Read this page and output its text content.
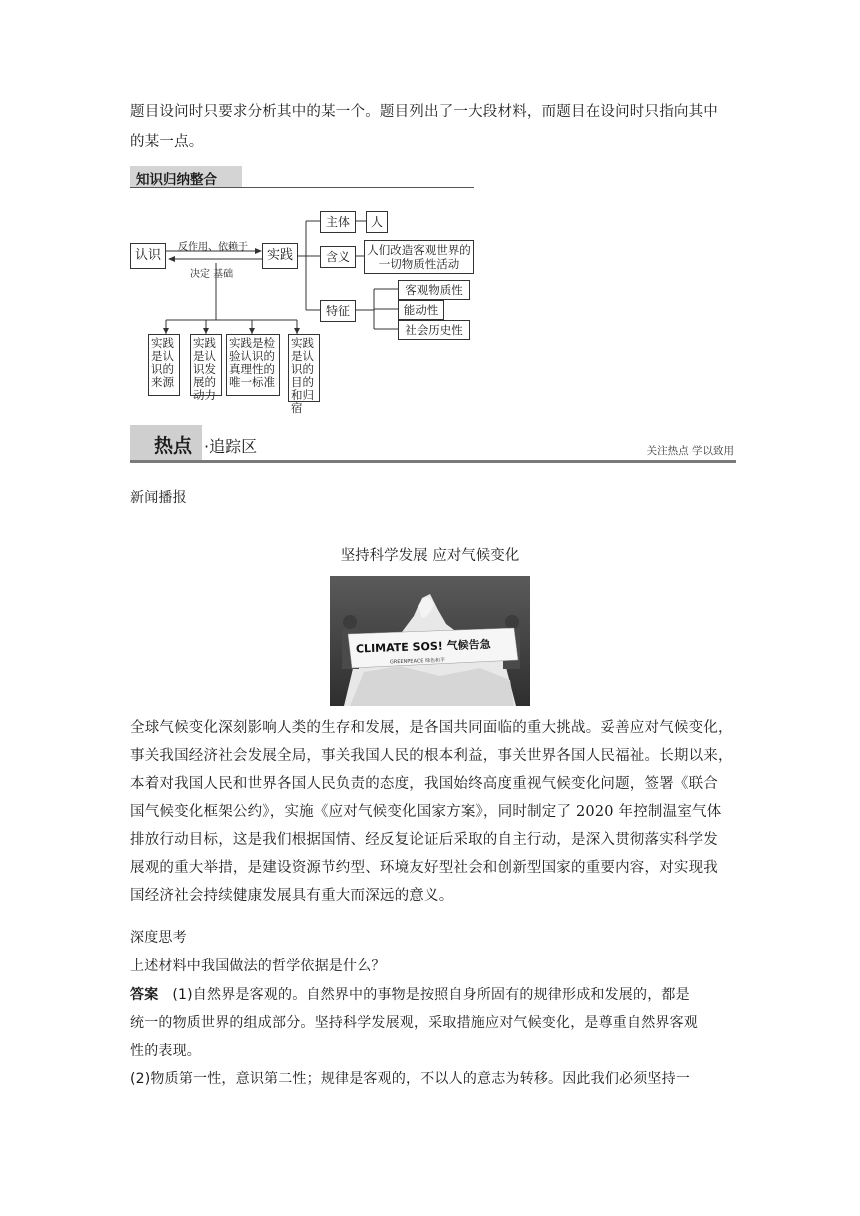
题目设问时只要求分析其中的某一个。题目列出了一大段材料，而题目在设问时只指向其中
的某一点。
知识归纳整合
认识	实践
反作用、依赖于
决定 基础
主体	人
含义	人们改造客观世界的一切物质性活动
特征
客观物质性
能动性
社会历史性
实践是认识的来源
实践是认识发展的动力
实践是检验认识的真理性的唯一标准
实践是认识的目的和归宿
热点 ·追踪区	关注热点 学以致用
新闻播报
坚持科学发展 应对气候变化
CLIMATE SOS! 气候告急
GREENPEACE 绿色和平
全球气候变化深刻影响人类的生存和发展，是各国共同面临的重大挑战。妥善应对气候变化，
事关我国经济社会发展全局，事关我国人民的根本利益，事关世界各国人民福祉。长期以来，
本着对我国人民和世界各国人民负责的态度，我国始终高度重视气候变化问题，签署《联合
国气候变化框架公约》，实施《应对气候变化国家方案》，同时制定了 2020 年控制温室气体
排放行动目标，这是我们根据国情、经反复论证后采取的自主行动，是深入贯彻落实科学发
展观的重大举措，是建设资源节约型、环境友好型社会和创新型国家的重要内容，对实现我
国经济社会持续健康发展具有重大而深远的意义。
深度思考
上述材料中我国做法的哲学依据是什么？
答案 (1)自然界是客观的。自然界中的事物是按照自身所固有的规律形成和发展的，都是
统一的物质世界的组成部分。坚持科学发展观，采取措施应对气候变化，是尊重自然界客观
性的表现。
(2)物质第一性，意识第二性；规律是客观的，不以人的意志为转移。因此我们必须坚持一
